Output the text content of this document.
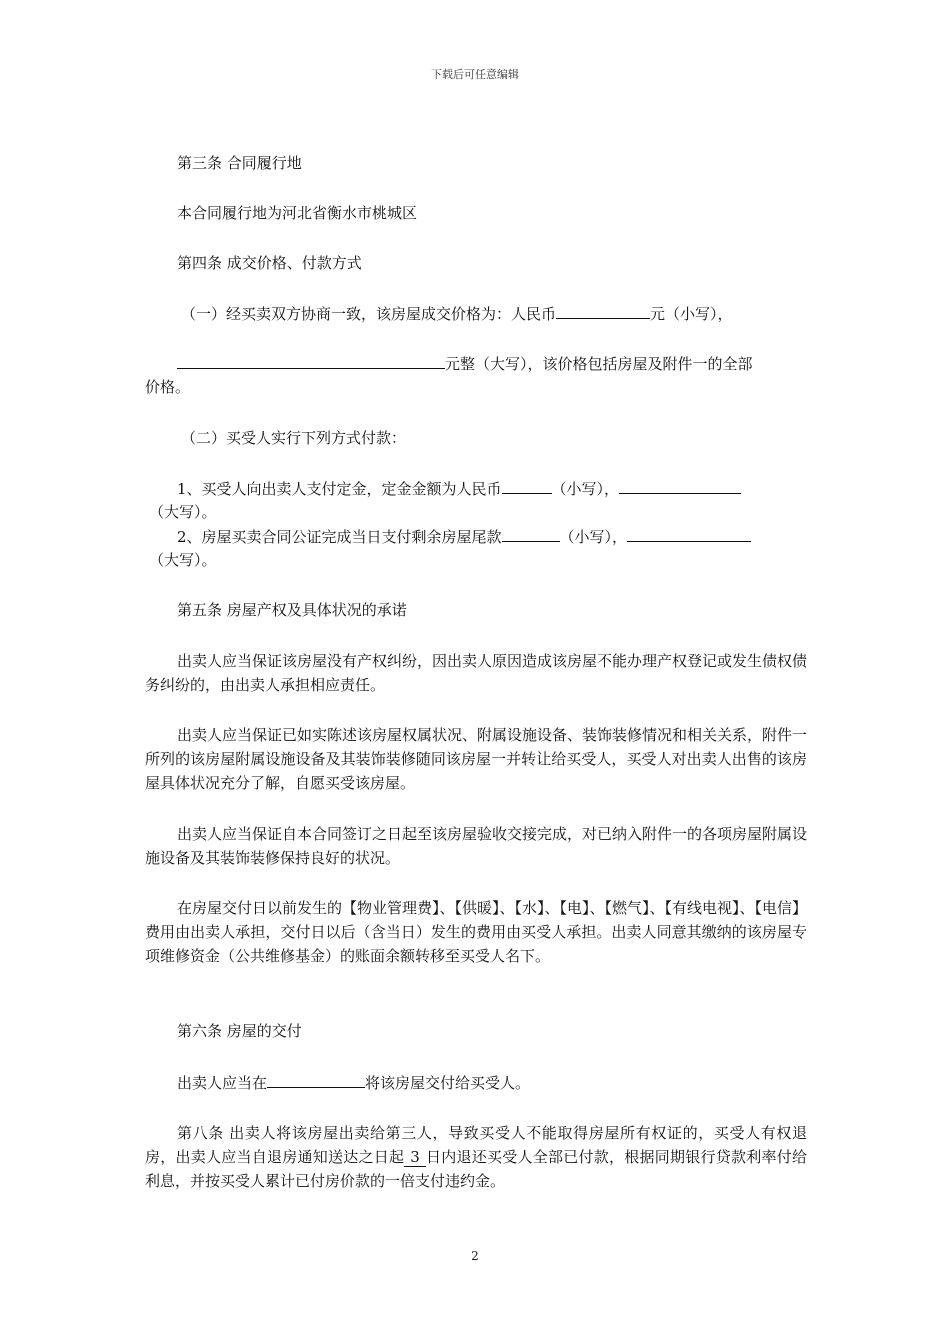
下载后可任意编辑
第三条 合同履行地
本合同履行地为河北省衡水市桃城区
第四条 成交价格、付款方式
（一）经买卖双方协商一致，该房屋成交价格为：人民币	元（小写），
元整（大写），该价格包括房屋及附件一的全部
价格。
（二）买受人实行下列方式付款：
1、买受人向出卖人支付定金，定金金额为人民币	（小写），
（大写）。
2、房屋买卖合同公证完成当日支付剩余房屋尾款	（小写），
（大写）。
第五条 房屋产权及具体状况的承诺
出卖人应当保证该房屋没有产权纠纷，因出卖人原因造成该房屋不能办理产权登记或发生债权债务纠纷的，由出卖人承担相应责任。
出卖人应当保证已如实陈述该房屋权属状况、附属设施设备、装饰装修情况和相关关系，附件一所列的该房屋附属设施设备及其装饰装修随同该房屋一并转让给买受人，买受人对出卖人出售的该房屋具体状况充分了解，自愿买受该房屋。
出卖人应当保证自本合同签订之日起至该房屋验收交接完成，对已纳入附件一的各项房屋附属设施设备及其装饰装修保持良好的状况。
在房屋交付日以前发生的【物业管理费】、【供暖】、【水】、【电】、【燃气】、【有线电视】、【电信】费用由出卖人承担，交付日以后（含当日）发生的费用由买受人承担。出卖人同意其缴纳的该房屋专项维修资金（公共维修基金）的账面余额转移至买受人名下。
第六条 房屋的交付
出卖人应当在	将该房屋交付给买受人。
第八条 出卖人将该房屋出卖给第三人，导致买受人不能取得房屋所有权证的，买受人有权退房，出卖人应当自退房通知送达之日起 3 日内退还买受人全部已付款，根据同期银行贷款利率付给利息，并按买受人累计已付房价款的一倍支付违约金。
2
